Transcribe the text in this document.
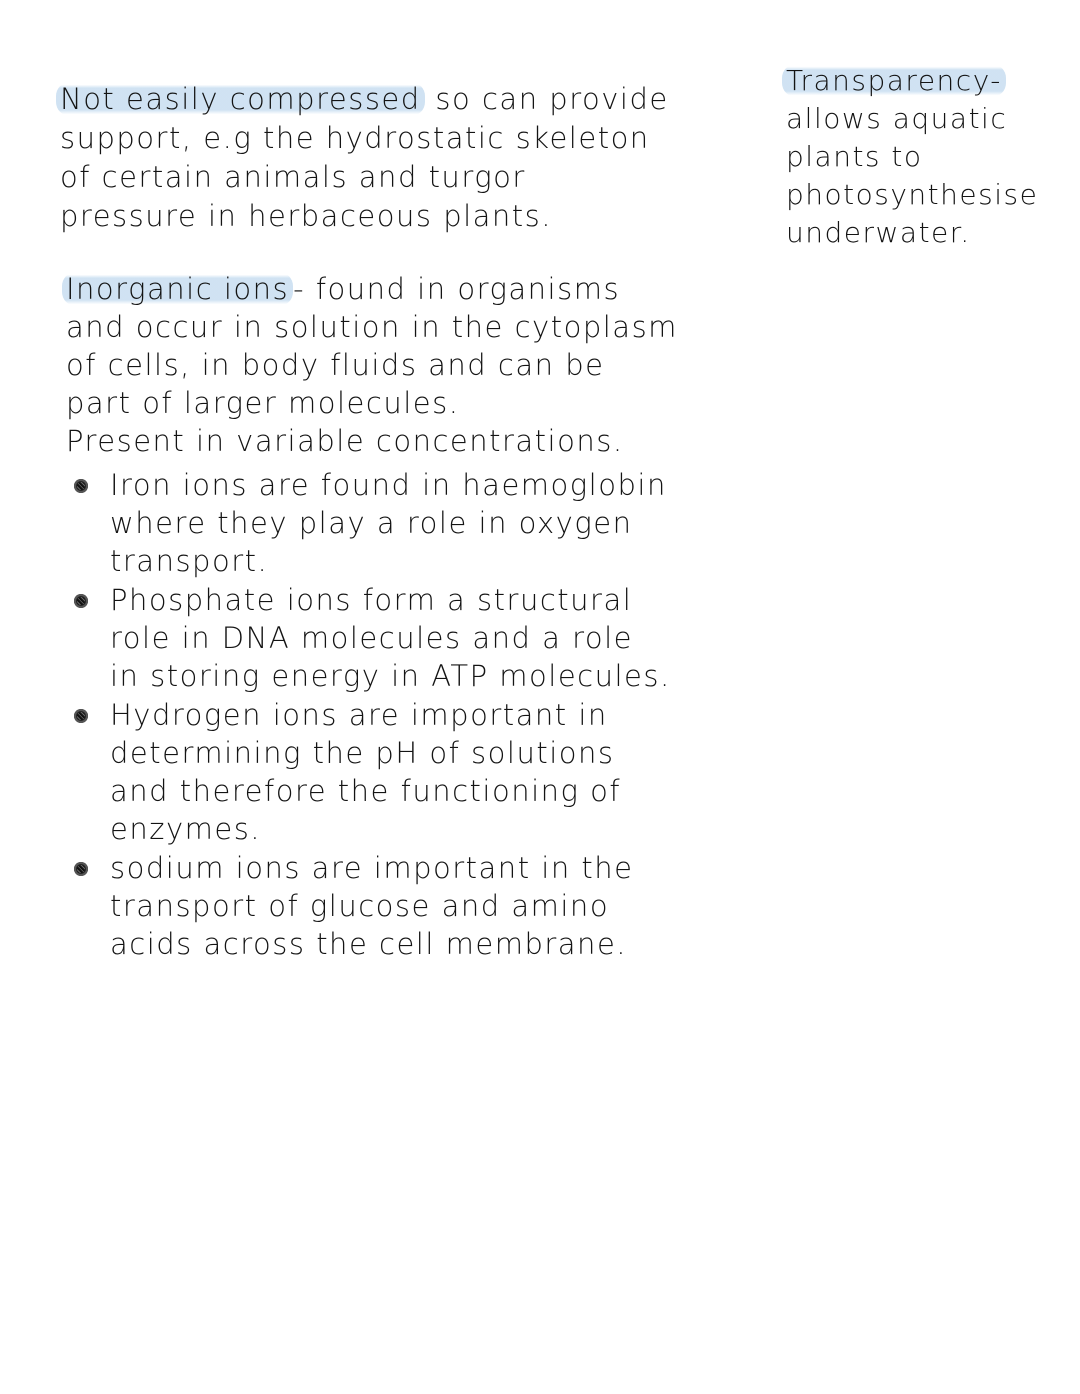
Not easily compressed so can provide
support, e.g the hydrostatic skeleton
of certain animals and turgor
pressure in herbaceous plants.
Transparency-
allows aquatic
plants to
photosynthesise
underwater.
Inorganic ions - found in organisms
and occur in solution in the cytoplasm
of cells, in body fluids and can be
part of larger molecules.
Present in variable concentrations.
Iron ions are found in haemoglobin
where they play a role in oxygen
transport.
Phosphate ions form a structural
role in DNA molecules and a role
in storing energy in ATP molecules.
Hydrogen ions are important in
determining the pH of solutions
and therefore the functioning of
enzymes.
sodium ions are important in the
transport of glucose and amino
acids across the cell membrane.
